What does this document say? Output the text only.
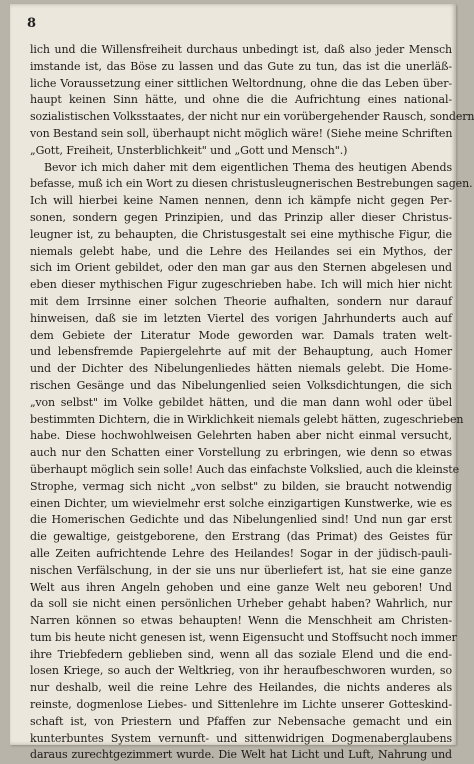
8
lich und die Willensfreiheit durchaus unbedingt ist, daß also jeder Mensch
imstande ist, das Böse zu lassen und das Gute zu tun, das ist die unerläß-
liche Voraussetzung einer sittlichen Weltordnung, ohne die das Leben über-
haupt keinen Sinn hätte, und ohne die die Aufrichtung eines national-
sozialistischen Volksstaates, der nicht nur ein vorübergehender Rausch, sondern
von Bestand sein soll, überhaupt nicht möglich wäre! (Siehe meine Schriften
„Gott, Freiheit, Unsterblichkeit" und „Gott und Mensch".)
Bevor ich mich daher mit dem eigentlichen Thema des heutigen Abends
befasse, muß ich ein Wort zu diesen christusleugnerischen Bestrebungen sagen.
Ich will hierbei keine Namen nennen, denn ich kämpfe nicht gegen Per-
sonen, sondern gegen Prinzipien, und das Prinzip aller dieser Christus-
leugner ist, zu behaupten, die Christusgestalt sei eine mythische Figur, die
niemals gelebt habe, und die Lehre des Heilandes sei ein Mythos, der
sich im Orient gebildet, oder den man gar aus den Sternen abgelesen und
eben dieser mythischen Figur zugeschrieben habe. Ich will mich hier nicht
mit dem Irrsinne einer solchen Theorie aufhalten, sondern nur darauf
hinweisen, daß sie im letzten Viertel des vorigen Jahrhunderts auch auf
dem Gebiete der Literatur Mode geworden war. Damals traten welt-
und lebensfremde Papiergelehrte auf mit der Behauptung, auch Homer
und der Dichter des Nibelungenliedes hätten niemals gelebt. Die Home-
rischen Gesänge und das Nibelungenlied seien Volksdichtungen, die sich
„von selbst" im Volke gebildet hätten, und die man dann wohl oder übel
bestimmten Dichtern, die in Wirklichkeit niemals gelebt hätten, zugeschrieben
habe. Diese hochwohlweisen Gelehrten haben aber nicht einmal versucht,
auch nur den Schatten einer Vorstellung zu erbringen, wie denn so etwas
überhaupt möglich sein solle! Auch das einfachste Volkslied, auch die kleinste
Strophe, vermag sich nicht „von selbst" zu bilden, sie braucht notwendig
einen Dichter, um wievielmehr erst solche einzigartigen Kunstwerke, wie es
die Homerischen Gedichte und das Nibelungenlied sind! Und nun gar erst
die gewaltige, geistgeborene, den Erstrang (das Primat) des Geistes für
alle Zeiten aufrichtende Lehre des Heilandes! Sogar in der jüdisch-pauli-
nischen Verfälschung, in der sie uns nur überliefert ist, hat sie eine ganze
Welt aus ihren Angeln gehoben und eine ganze Welt neu geboren! Und
da soll sie nicht einen persönlichen Urheber gehabt haben? Wahrlich, nur
Narren können so etwas behaupten! Wenn die Menschheit am Christen-
tum bis heute nicht genesen ist, wenn Eigensucht und Stoffsucht noch immer
ihre Triebfedern geblieben sind, wenn all das soziale Elend und die end-
losen Kriege, so auch der Weltkrieg, von ihr heraufbeschworen wurden, so
nur deshalb, weil die reine Lehre des Heilandes, die nichts anderes als
reinste, dogmenlose Liebes- und Sittenlehre im Lichte unserer Gotteskind-
schaft ist, von Priestern und Pfaffen zur Nebensache gemacht und ein
kunterbuntes System vernunft- und sittenwidrigen Dogmenaberglaubens
daraus zurechtgezimmert wurde. Die Welt hat Licht und Luft, Nahrung und
